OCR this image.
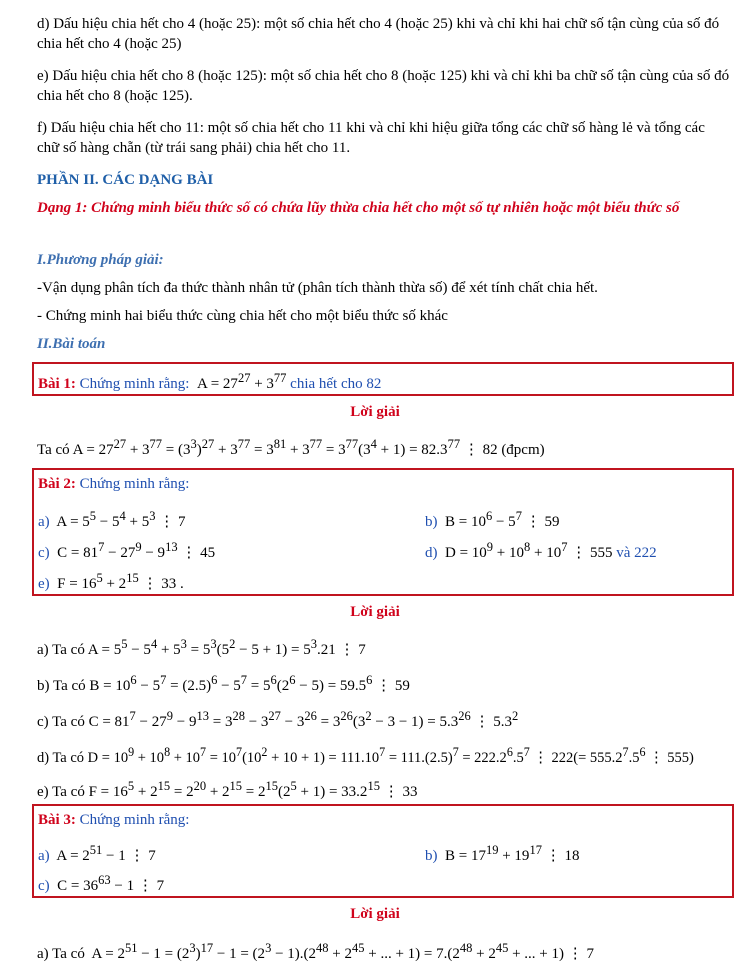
d) Dấu hiệu chia hết cho 4 (hoặc 25): một số chia hết cho 4 (hoặc 25) khi và chỉ khi hai chữ số tận cùng của số đó chia hết cho 4 (hoặc 25)
e) Dấu hiệu chia hết cho 8 (hoặc 125): một số chia hết cho 8 (hoặc 125) khi và chỉ khi ba chữ số tận cùng của số đó chia hết cho 8 (hoặc 125).
f) Dấu hiệu chia hết cho 11: một số chia hết cho 11 khi và chỉ khi hiệu giữa tổng các chữ số hàng lẻ và tổng các chữ số hàng chẵn (từ trái sang phải) chia hết cho 11.
PHẦN II. CÁC DẠNG BÀI
Dạng 1: Chứng minh biểu thức số có chứa lũy thừa chia hết cho một số tự nhiên hoặc một biểu thức số
I.Phương pháp giải:
-Vận dụng phân tích đa thức thành nhân tử (phân tích thành thừa số) để xét tính chất chia hết.
- Chứng minh hai biểu thức cùng chia hết cho một biểu thức số khác
II.Bài toán
Bài 1: Chứng minh rằng:  $A = 27^{27} + 3^{77}$ chia hết cho 82
Lời giải
Ta có $A = 27^{27} + 3^{77} = (3^3)^{27} + 3^{77} = 3^{81} + 3^{77} = 3^{77}(3^4 + 1) = 82.3^{77}$ ⋮ 82 (đpcm)
Bài 2: Chứng minh rằng:
a)  $A = 5^5 - 5^4 + 5^3$ ⋮ 7	b)  $B = 10^6 - 5^7$ ⋮ 59
c)  $C = 81^7 - 27^9 - 9^{13}$ ⋮ 45	d)  $D = 10^9 + 10^8 + 10^7$ ⋮ 555 và 222
e)  $F = 16^5 + 2^{15}$ ⋮ 33 .
Lời giải
a) Ta có $A = 5^5 - 5^4 + 5^3 = 5^3(5^2 - 5 + 1) = 5^3.21$ ⋮ 7
b) Ta có $B = 10^6 - 5^7 = (2.5)^6 - 5^7 = 5^6(2^6 - 5) = 59.5^6$ ⋮ 59
c) Ta có $C = 81^7 - 27^9 - 9^{13} = 3^{28} - 3^{27} - 3^{26} = 3^{26}(3^2 - 3 - 1) = 5.3^{26}$ ⋮ $5.3^2$
d) Ta có $D = 10^9 + 10^8 + 10^7 = 10^7(10^2 + 10 + 1) = 111.10^7 = 111.(2.5)^7 = 222.2^6.5^7$ ⋮ $222(= 555.2^7.5^6$ ⋮ 555)
e) Ta có $F = 16^5 + 2^{15} = 2^{20} + 2^{15} = 2^{15}(2^5 + 1) = 33.2^{15}$ ⋮ 33
Bài 3: Chứng minh rằng:
a)  $A = 2^{51} - 1$ ⋮ 7	b)  $B = 17^{19} + 19^{17}$ ⋮ 18
c)  $C = 36^{63} - 1$ ⋮ 7
Lời giải
a) Ta có  $A = 2^{51} - 1 = (2^3)^{17} - 1 = (2^3 - 1).(2^{48} + 2^{45}$ + ... + $1) = 7.(2^{48} + 2^{45}$ + ... + 1) ⋮ 7
